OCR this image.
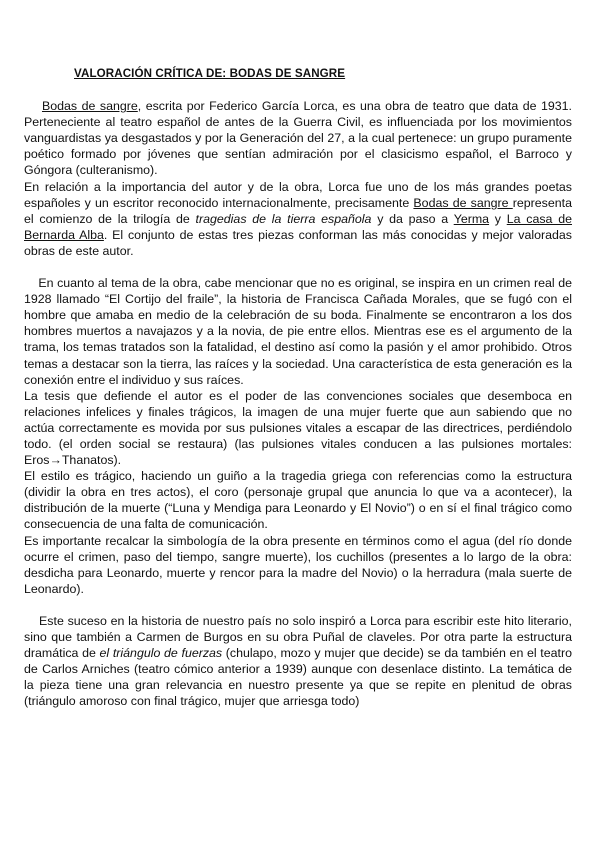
VALORACIÓN CRÍTICA DE: BODAS DE SANGRE

Bodas de sangre, escrita por Federico García Lorca, es una obra de teatro que data de 1931. Perteneciente al teatro español de antes de la Guerra Civil, es influenciada por los movimientos vanguardistas ya desgastados y por la Generación del 27, a la cual pertenece: un grupo puramente poético formado por jóvenes que sentían admiración por el clasicismo español, el Barroco y Góngora (culteranismo).

En relación a la importancia del autor y de la obra, Lorca fue uno de los más grandes poetas españoles y un escritor reconocido internacionalmente, precisamente Bodas de sangre representa el comienzo de la trilogía de tragedias de la tierra española y da paso a Yerma y La casa de Bernarda Alba. El conjunto de estas tres piezas conforman las más conocidas y mejor valoradas obras de este autor.

En cuanto al tema de la obra, cabe mencionar que no es original, se inspira en un crimen real de 1928 llamado “El Cortijo del fraile”, la historia de Francisca Cañada Morales, que se fugó con el hombre que amaba en medio de la celebración de su boda. Finalmente se encontraron a los dos hombres muertos a navajazos y a la novia, de pie entre ellos. Mientras ese es el argumento de la trama, los temas tratados son la fatalidad, el destino así como la pasión y el amor prohibido. Otros temas a destacar son la tierra, las raíces y la sociedad. Una característica de esta generación es la conexión entre el individuo y sus raíces.

La tesis que defiende el autor es el poder de las convenciones sociales que desemboca en relaciones infelices y finales trágicos, la imagen de una mujer fuerte que aun sabiendo que no actúa correctamente es movida por sus pulsiones vitales a escapar de las directrices, perdiéndolo todo. (el orden social se restaura) (las pulsiones vitales conducen a las pulsiones mortales: Eros→Thanatos).

El estilo es trágico, haciendo un guiño a la tragedia griega con referencias como la estructura (dividir la obra en tres actos), el coro (personaje grupal que anuncia lo que va a acontecer), la distribución de la muerte (“Luna y Mendiga para Leonardo y El Novio”) o en sí el final trágico como consecuencia de una falta de comunicación.

Es importante recalcar la simbología de la obra presente en términos como el agua (del río donde ocurre el crimen, paso del tiempo, sangre muerte), los cuchillos (presentes a lo largo de la obra: desdicha para Leonardo, muerte y rencor para la madre del Novio) o la herradura (mala suerte de Leonardo).

Este suceso en la historia de nuestro país no solo inspiró a Lorca para escribir este hito literario, sino que también a Carmen de Burgos en su obra Puñal de claveles. Por otra parte la estructura dramática de el triángulo de fuerzas (chulapo, mozo y mujer que decide) se da también en el teatro de Carlos Arniches (teatro cómico anterior a 1939) aunque con desenlace distinto. La temática de la pieza tiene una gran relevancia en nuestro presente ya que se repite en plenitud de obras (triángulo amoroso con final trágico, mujer que arriesga todo)
